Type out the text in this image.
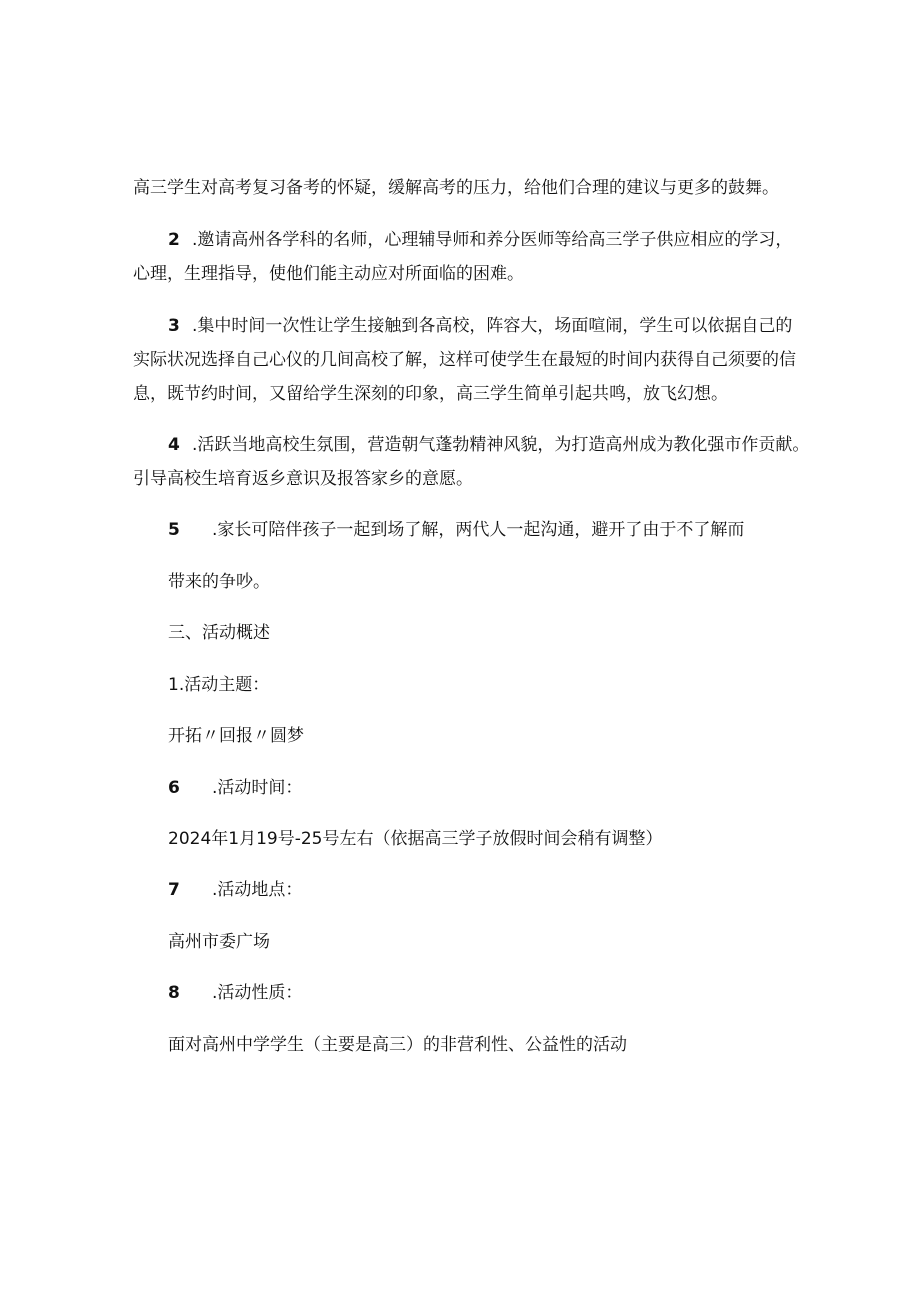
高三学生对高考复习备考的怀疑，缓解高考的压力，给他们合理的建议与更多的鼓舞。
2 .邀请高州各学科的名师，心理辅导师和养分医师等给高三学子供应相应的学习，
心理，生理指导，使他们能主动应对所面临的困难。
3 .集中时间一次性让学生接触到各高校，阵容大，场面喧闹，学生可以依据自己的
实际状况选择自己心仪的几间高校了解，这样可使学生在最短的时间内获得自己须要的信
息，既节约时间，又留给学生深刻的印象，高三学生简单引起共鸣，放飞幻想。
4 .活跃当地高校生氛围，营造朝气蓬勃精神风貌，为打造高州成为教化强市作贡献。
引导高校生培育返乡意识及报答家乡的意愿。
5 .家长可陪伴孩子一起到场了解，两代人一起沟通，避开了由于不了解而
带来的争吵。
三、活动概述
1.活动主题：
开拓〃回报〃圆梦
6 .活动时间：
2024年1月19号-25号左右（依据高三学子放假时间会稍有调整）
7 .活动地点：
高州市委广场
8 .活动性质：
面对高州中学学生（主要是高三）的非营利性、公益性的活动
